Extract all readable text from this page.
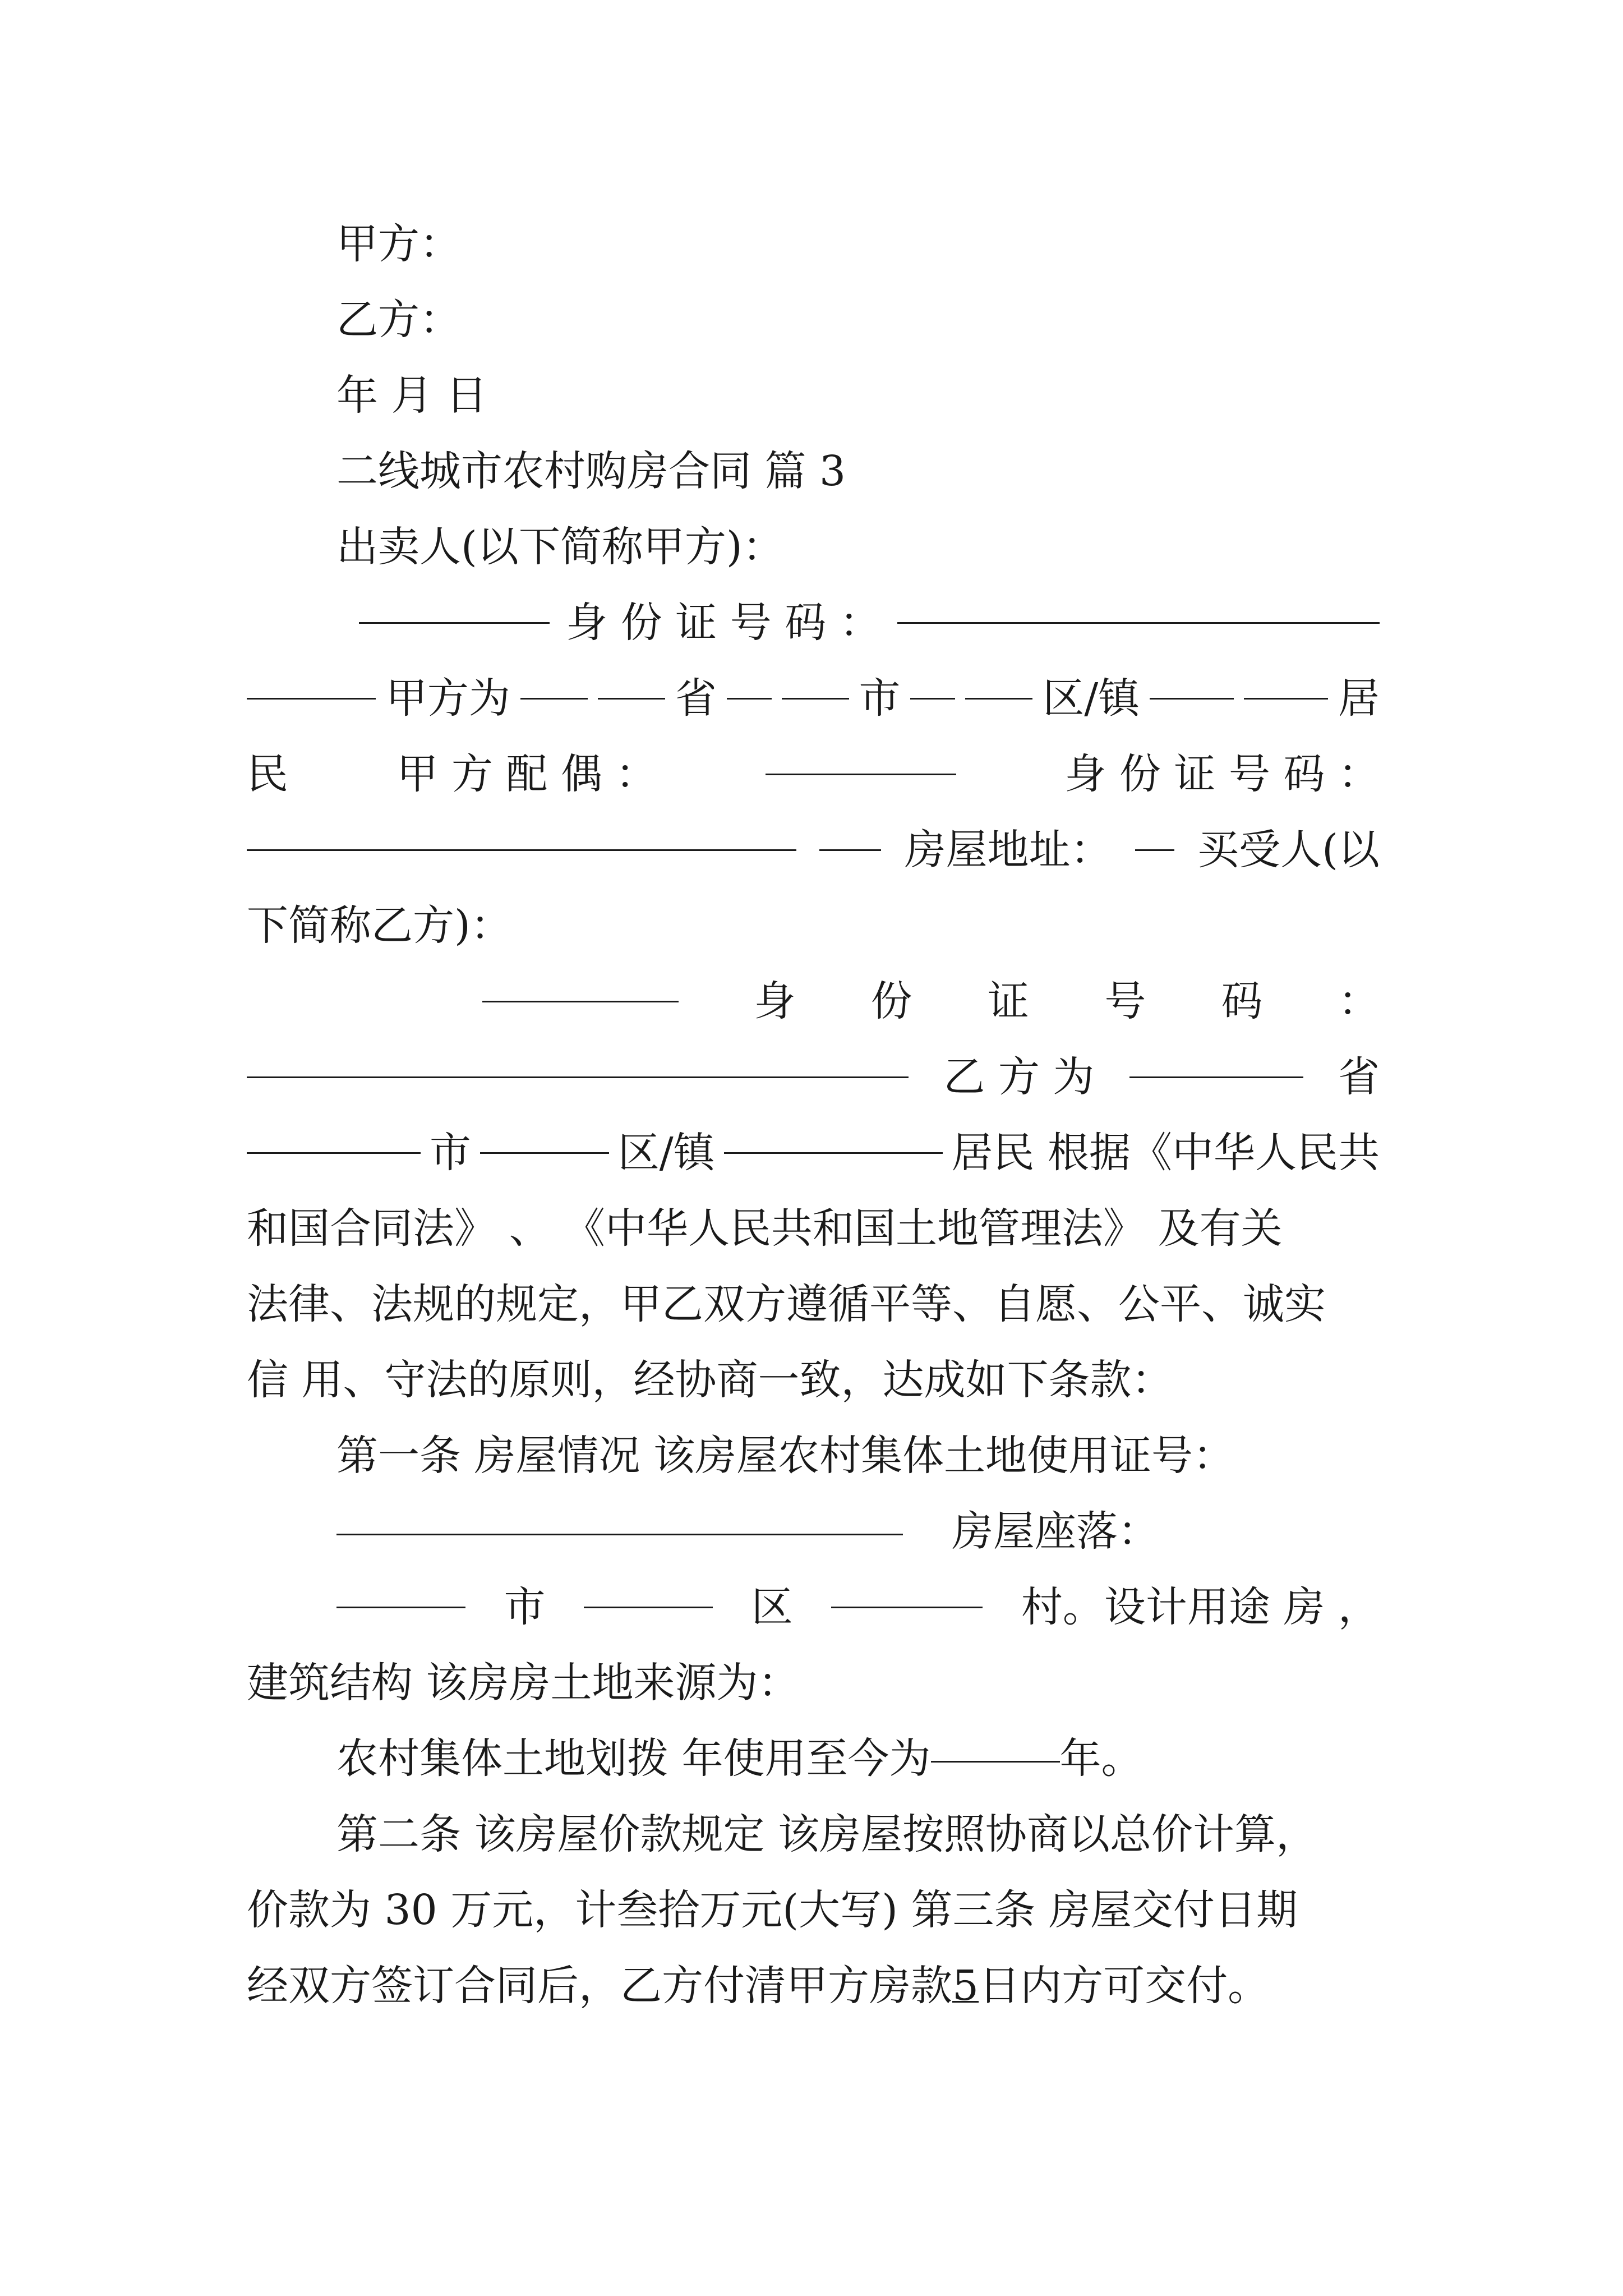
甲方：
乙方：
年 月 日
二线城市农村购房合同 篇 3
出卖人(以下简称甲方)：
身 份 证 号 码 ：
甲方为	省	市	区/镇	居
民	甲 方 配 偶 ：	身 份 证 号 码 ：
房屋地址： 买受人(以
下简称乙方)：
身 份 证 号 码 ：
乙 方 为	省
市	区/镇	居民 根据《中华人民共
和国合同法》 、 《中华人民共和国土地管理法》 及有关
法律、法规的规定，甲乙双方遵循平等、自愿、公平、诚实
信 用、守法的原则，经协商一致，达成如下条款：
第一条 房屋情况 该房屋农村集体土地使用证号：
房屋座落：
市	区	村。设计用途 房 ，
建筑结构 该房房土地来源为：
农村集体土地划拨 年使用至今为	年。
第二条 该房屋价款规定 该房屋按照协商以总价计算，
价款为 30 万元，计叁拾万元(大写) 第三条 房屋交付日期
经双方签订合同后，乙方付清甲方房款5日内方可交付。
